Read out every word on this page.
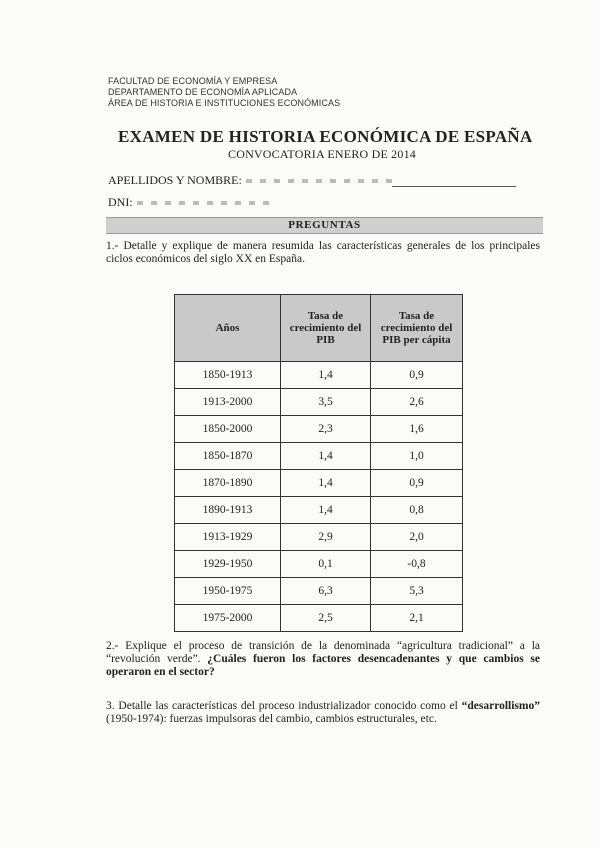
FACULTAD DE ECONOMÍA Y EMPRESA
DEPARTAMENTO DE ECONOMÍA APLICADA
ÁREA DE HISTORIA E INSTITUCIONES ECONÓMICAS
EXAMEN DE HISTORIA ECONÓMICA DE ESPAÑA
CONVOCATORIA ENERO DE 2014
APELLIDOS Y NOMBRE:
DNI:
PREGUNTAS
1.- Detalle y explique de manera resumida las características generales de los principales ciclos económicos del siglo XX en España.
Años	Tasa de crecimiento del PIB	Tasa de crecimiento del PIB per cápita
1850-1913	1,4	0,9
1913-2000	3,5	2,6
1850-2000	2,3	1,6
1850-1870	1,4	1,0
1870-1890	1,4	0,9
1890-1913	1,4	0,8
1913-1929	2,9	2,0
1929-1950	0,1	-0,8
1950-1975	6,3	5,3
1975-2000	2,5	2,1
2.- Explique el proceso de transición de la denominada “agricultura tradicional” a la “revolución verde”. ¿Cuáles fueron los factores desencadenantes y que cambios se operaron en el sector?
3. Detalle las características del proceso industrializador conocido como el “desarrollismo” (1950-1974): fuerzas impulsoras del cambio, cambios estructurales, etc.
